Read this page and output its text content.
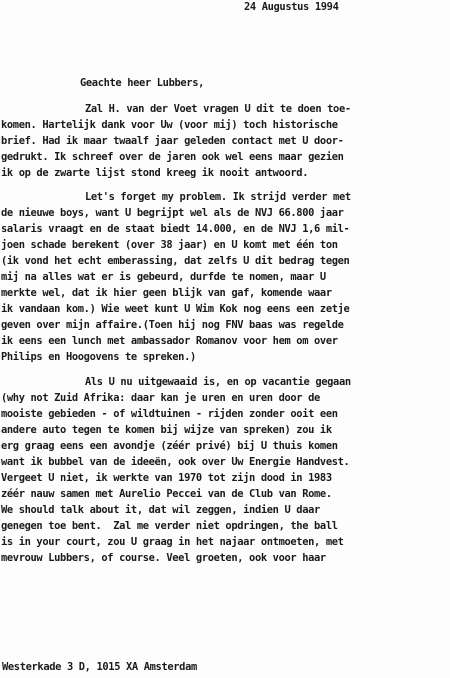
24 Augustus 1994
Geachte heer Lubbers,
Zal H. van der Voet vragen U dit te doen toe-
komen. Hartelijk dank voor Uw (voor mij) toch historische
brief. Had ik maar twaalf jaar geleden contact met U door-
gedrukt. Ik schreef over de jaren ook wel eens maar gezien
ik op de zwarte lijst stond kreeg ik nooit antwoord.
Let's forget my problem. Ik strijd verder met
de nieuwe boys, want U begrijpt wel als de NVJ 66.800 jaar
salaris vraagt en de staat biedt 14.000, en de NVJ 1,6 mil-
joen schade berekent (over 38 jaar) en U komt met één ton
(ik vond het echt emberassing, dat zelfs U dit bedrag tegen
mij na alles wat er is gebeurd, durfde te nomen, maar U
merkte wel, dat ik hier geen blijk van gaf, komende waar
ik vandaan kom.) Wie weet kunt U Wim Kok nog eens een zetje
geven over mijn affaire.(Toen hij nog FNV baas was regelde
ik eens een lunch met ambassador Romanov voor hem om over
Philips en Hoogovens te spreken.)
Als U nu uitgewaaid is, en op vacantie gegaan
(why not Zuid Afrika: daar kan je uren en uren door de
mooiste gebieden - of wildtuinen - rijden zonder ooit een
andere auto tegen te komen bij wijze van spreken) zou ik
erg graag eens een avondje (zéér privé) bij U thuis komen
want ik bubbel van de ideeën, ook over Uw Energie Handvest.
Vergeet U niet, ik werkte van 1970 tot zijn dood in 1983
zéér nauw samen met Aurelio Peccei van de Club van Rome.
We should talk about it, dat wil zeggen, indien U daar
genegen toe bent.  Zal me verder niet opdringen, the ball
is in your court, zou U graag in het najaar ontmoeten, met
mevrouw Lubbers, of course. Veel groeten, ook voor haar
Westerkade 3 D, 1015 XA Amsterdam
